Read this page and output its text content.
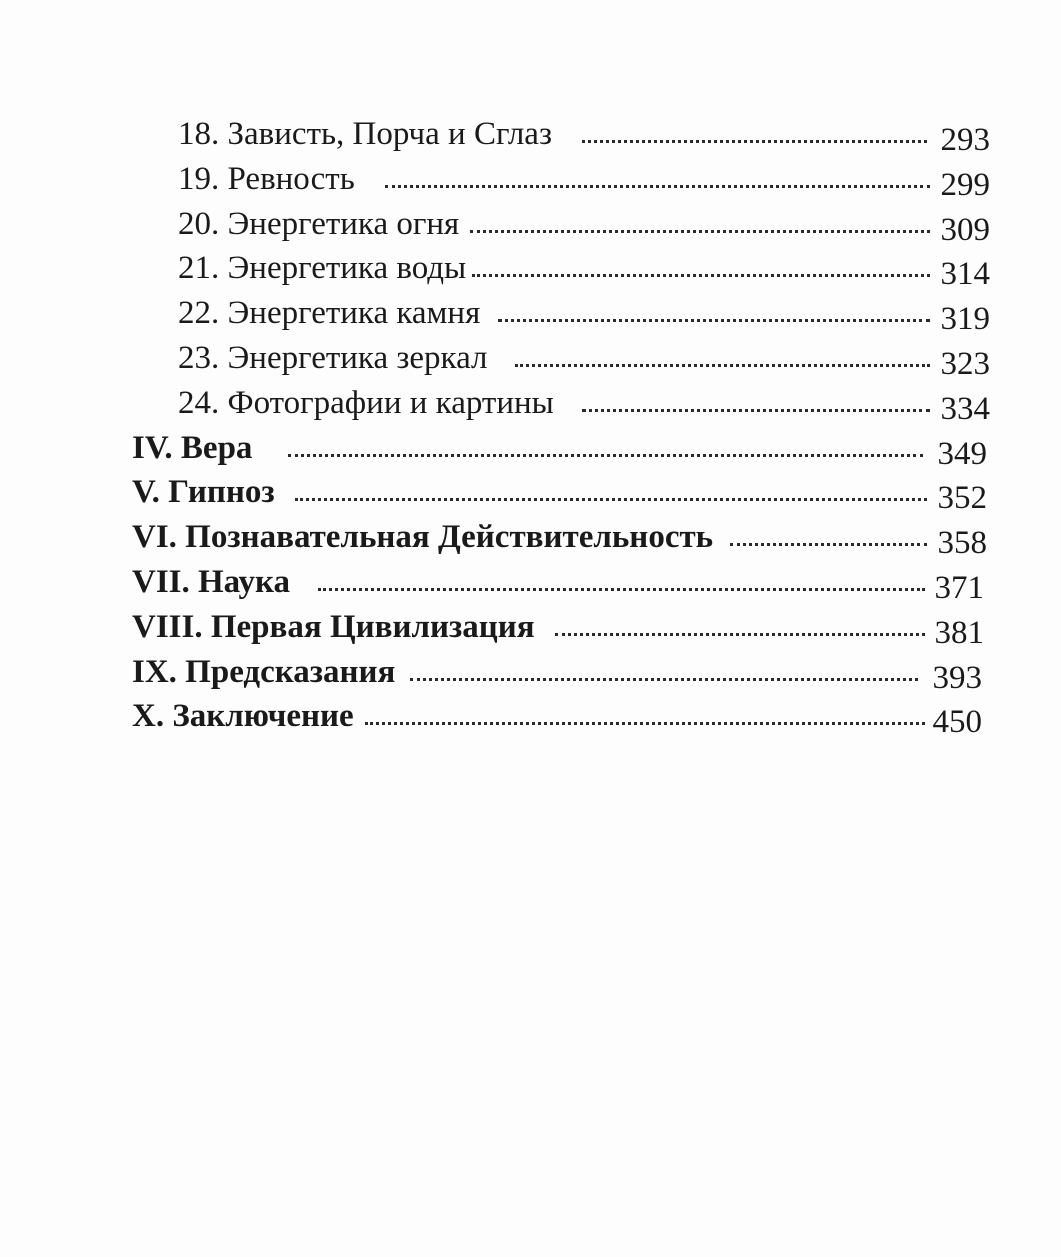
18. Зависть, Порча и Сглаз	293
19. Ревность	299
20. Энергетика огня	309
21. Энергетика воды	314
22. Энергетика камня	319
23. Энергетика зеркал	323
24. Фотографии и картины	334
IV. Вера	349
V. Гипноз	352
VI. Познавательная Действительность	358
VII. Наука	371
VIII. Первая Цивилизация	381
IX. Предсказания	393
X. Заключение	450
